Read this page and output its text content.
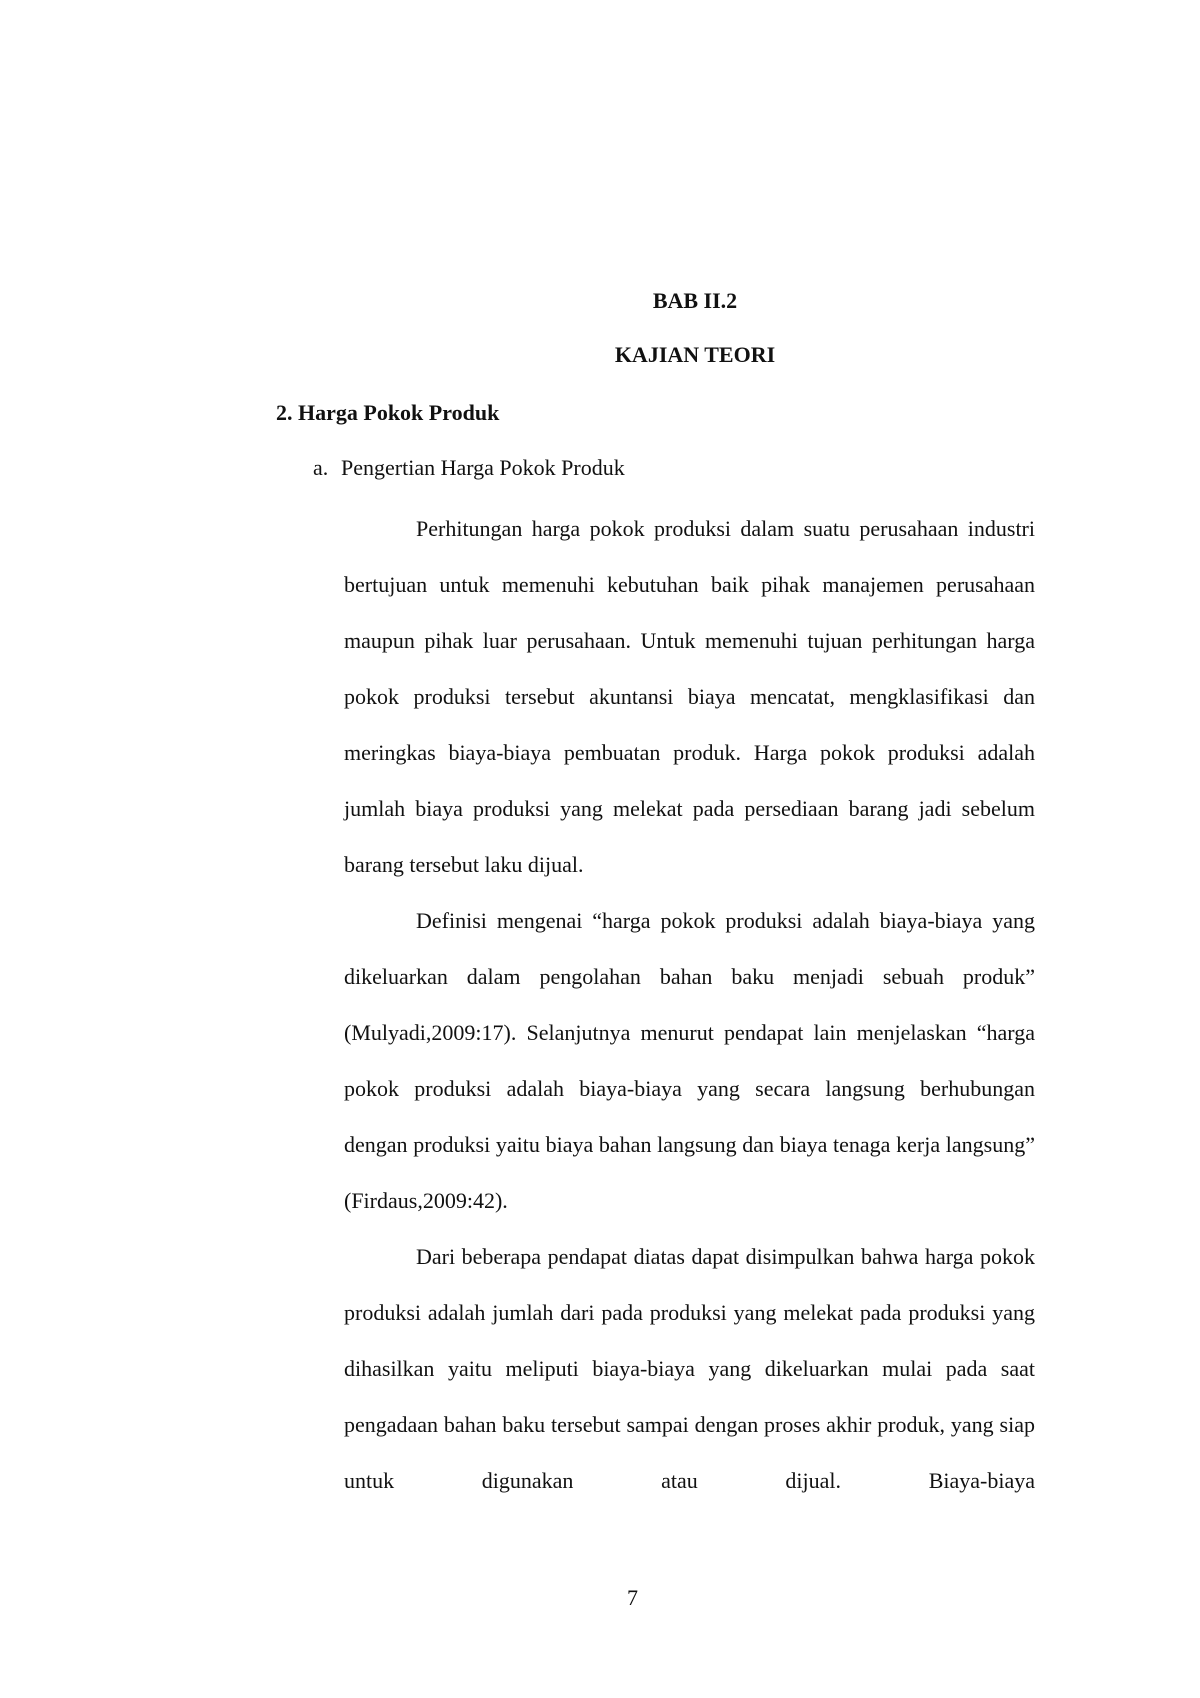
BAB II.2
KAJIAN TEORI
2. Harga Pokok Produk
a. Pengertian Harga Pokok Produk

Perhitungan harga pokok produksi dalam suatu perusahaan industri bertujuan untuk memenuhi kebutuhan baik pihak manajemen perusahaan maupun pihak luar perusahaan. Untuk memenuhi tujuan perhitungan harga pokok produksi tersebut akuntansi biaya mencatat, mengklasifikasi dan meringkas biaya-biaya pembuatan produk. Harga pokok produksi adalah jumlah biaya produksi yang melekat pada persediaan barang jadi sebelum barang tersebut laku dijual.

Definisi mengenai “harga pokok produksi adalah biaya-biaya yang dikeluarkan dalam pengolahan bahan baku menjadi sebuah produk” (Mulyadi,2009:17). Selanjutnya menurut pendapat lain menjelaskan “harga pokok produksi adalah biaya-biaya yang secara langsung berhubungan dengan produksi yaitu biaya bahan langsung dan biaya tenaga kerja langsung” (Firdaus,2009:42).

Dari beberapa pendapat diatas dapat disimpulkan bahwa harga pokok produksi adalah jumlah dari pada produksi yang melekat pada produksi yang dihasilkan yaitu meliputi biaya-biaya yang dikeluarkan mulai pada saat pengadaan bahan baku tersebut sampai dengan proses akhir produk, yang siap untuk digunakan atau dijual. Biaya-biaya

7
